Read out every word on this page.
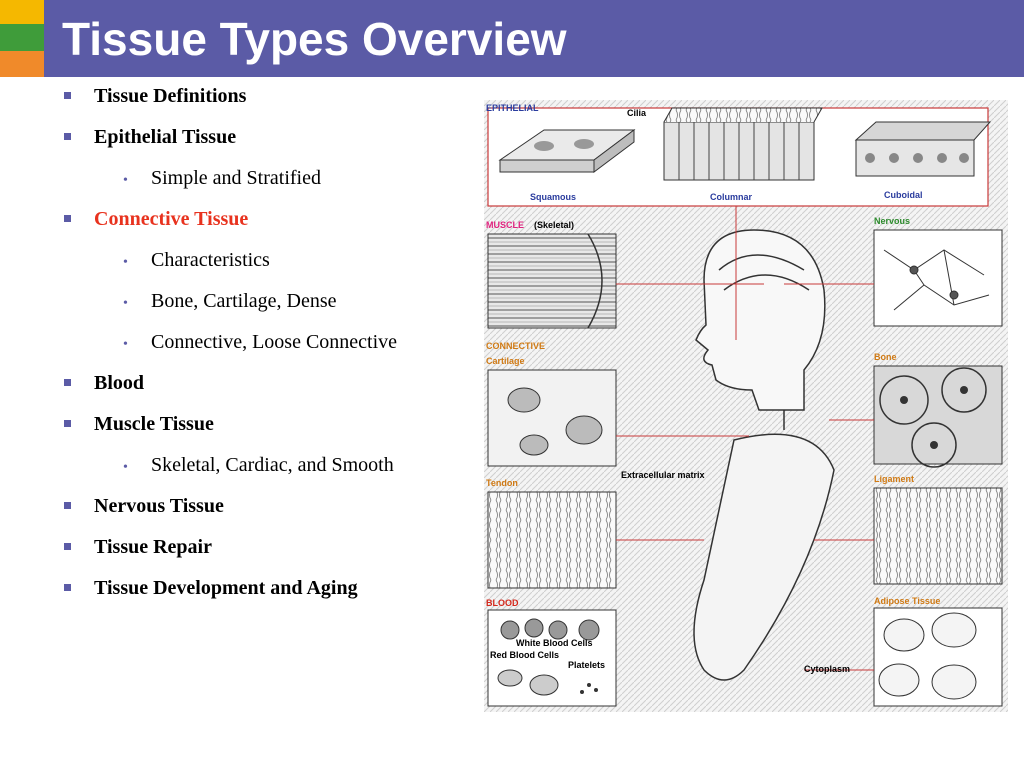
Tissue Types Overview
Tissue Definitions
Epithelial Tissue
• Simple and Stratified
Connective Tissue
• Characteristics
• Bone, Cartilage, Dense
• Connective, Loose Connective
Blood
Muscle Tissue
• Skeletal, Cardiac, and Smooth
Nervous Tissue
Tissue Repair
Tissue Development and Aging
EPITHELIAL	Cilia
Squamous	Columnar	Cuboidal
MUSCLE (Skeletal)	Nervous
CONNECTIVE
Cartilage	Bone
Tendon	Ligament
BLOOD
White Blood Cells
Red Blood Cells
Platelets
Adipose Tissue
Extracellular matrix
Cytoplasm
